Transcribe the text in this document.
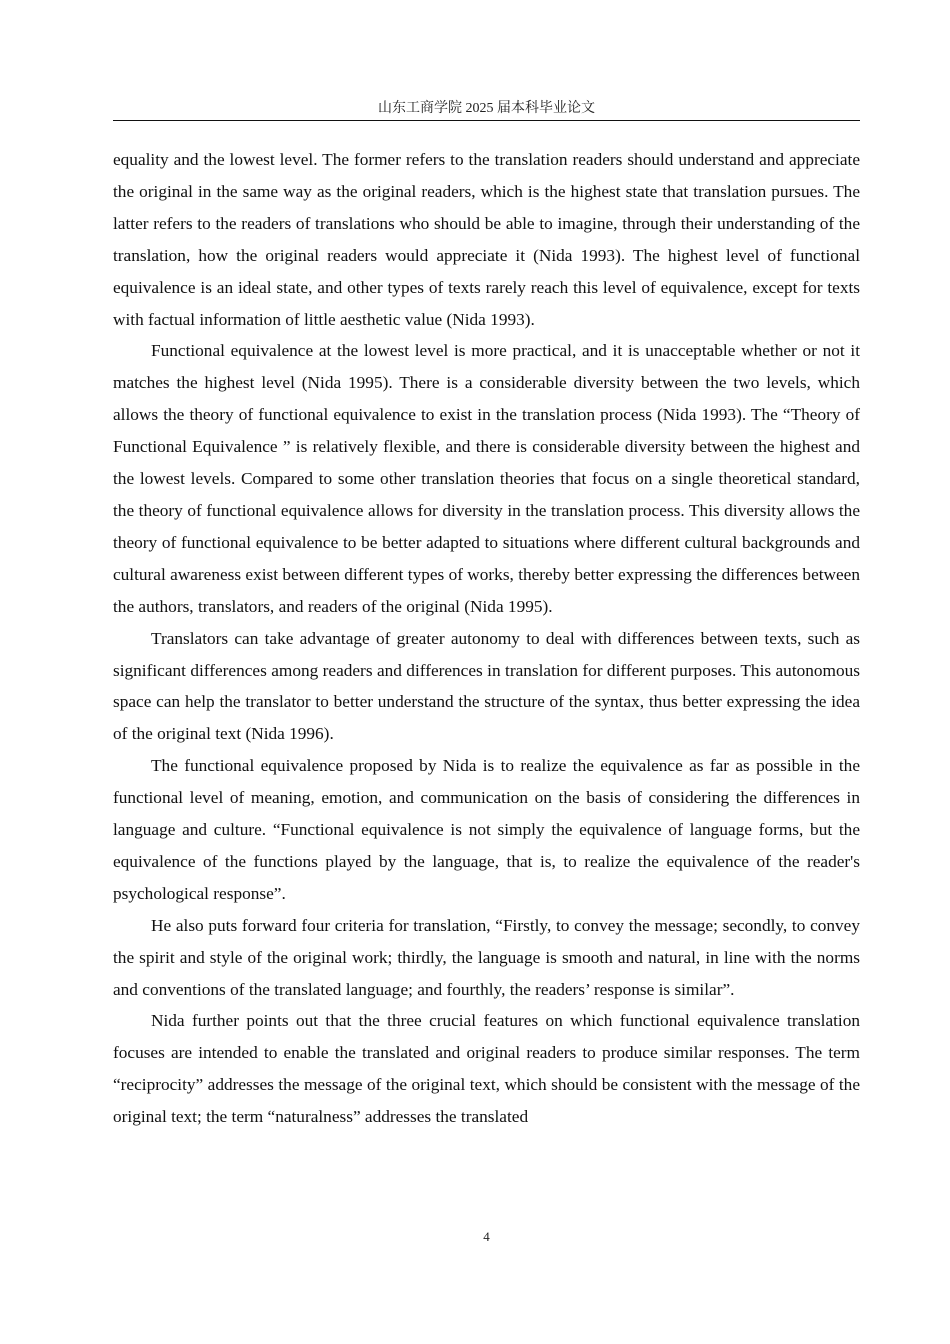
山东工商学院 2025 届本科毕业论文

equality and the lowest level. The former refers to the translation readers should understand and appreciate the original in the same way as the original readers, which is the highest state that translation pursues. The latter refers to the readers of translations who should be able to imagine, through their understanding of the translation, how the original readers would appreciate it (Nida 1993). The highest level of functional equivalence is an ideal state, and other types of texts rarely reach this level of equivalence, except for texts with factual information of little aesthetic value (Nida 1993).

Functional equivalence at the lowest level is more practical, and it is unacceptable whether or not it matches the highest level (Nida 1995). There is a considerable diversity between the two levels, which allows the theory of functional equivalence to exist in the translation process (Nida 1993). The “Theory of Functional Equivalence ” is relatively flexible, and there is considerable diversity between the highest and the lowest levels. Compared to some other translation theories that focus on a single theoretical standard, the theory of functional equivalence allows for diversity in the translation process. This diversity allows the theory of functional equivalence to be better adapted to situations where different cultural backgrounds and cultural awareness exist between different types of works, thereby better expressing the differences between the authors, translators, and readers of the original (Nida 1995).

Translators can take advantage of greater autonomy to deal with differences between texts, such as significant differences among readers and differences in translation for different purposes. This autonomous space can help the translator to better understand the structure of the syntax, thus better expressing the idea of the original text (Nida 1996).

The functional equivalence proposed by Nida is to realize the equivalence as far as possible in the functional level of meaning, emotion, and communication on the basis of considering the differences in language and culture. “Functional equivalence is not simply the equivalence of language forms, but the equivalence of the functions played by the language, that is, to realize the equivalence of the reader's psychological response”.

He also puts forward four criteria for translation, “Firstly, to convey the message; secondly, to convey the spirit and style of the original work; thirdly, the language is smooth and natural, in line with the norms and conventions of the translated language; and fourthly, the readers’ response is similar”.

Nida further points out that the three crucial features on which functional equivalence translation focuses are intended to enable the translated and original readers to produce similar responses. The term “reciprocity” addresses the message of the original text, which should be consistent with the message of the original text; the term “naturalness” addresses the translated

4
